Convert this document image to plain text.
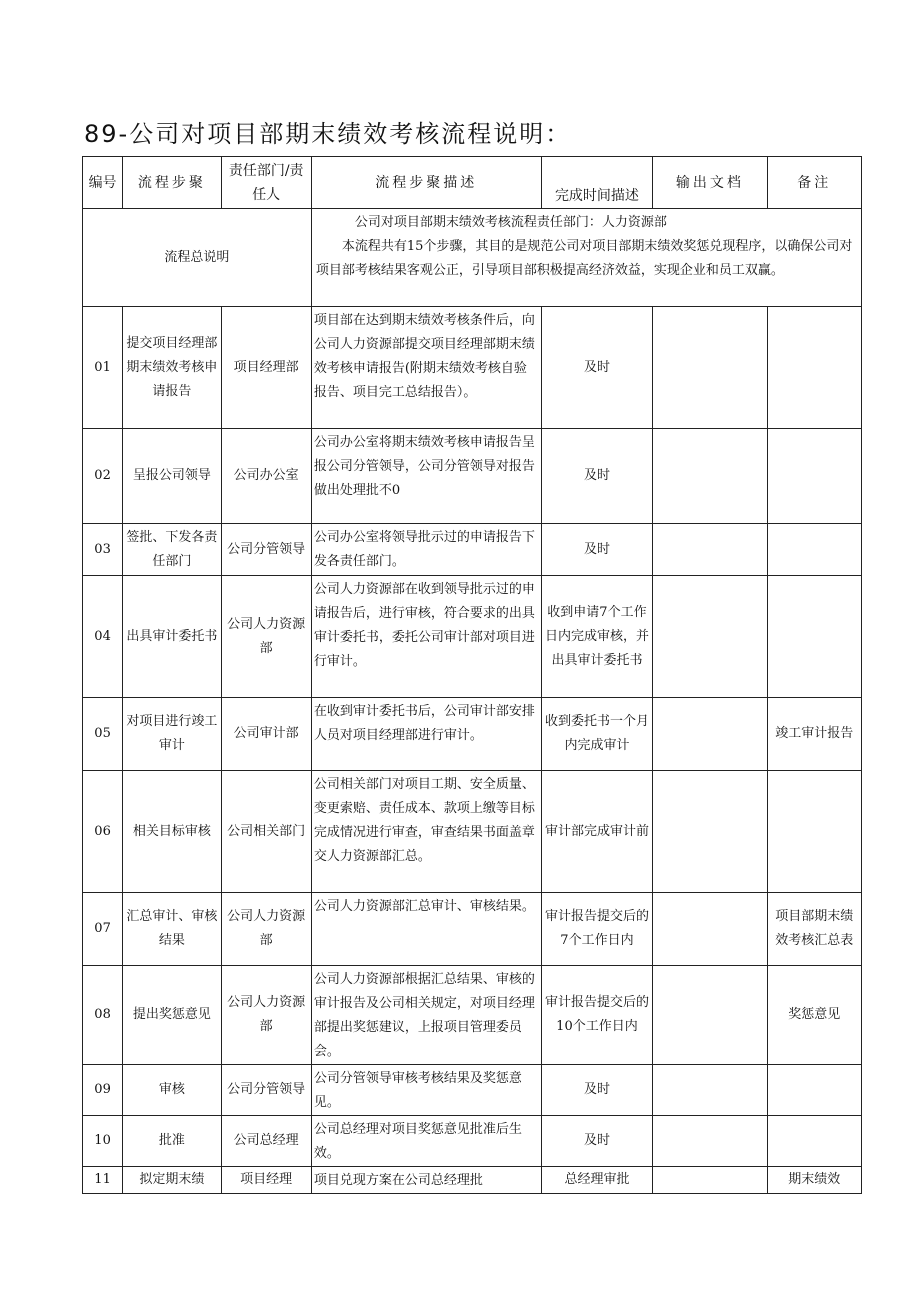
89-公司对项目部期末绩效考核流程说明：
编号	流程步聚	责任部门/责任人	流程步聚描述	完成时间描述	输出文档	备注
流程总说明			公司对项目部期末绩效考核流程责任部门：人力资源部
本流程共有15个步骤，其目的是规范公司对项目部期末绩效奖惩兑现程序，以确保公司对项目部考核结果客观公正，引导项目部积极提高经济效益，实现企业和员工双赢。			

01	提交项目经理部期末绩效考核申请报告	项目经理部	项目部在达到期末绩效考核条件后，向公司人力资源部提交项目经理部期末绩效考核申请报告(附期末绩效考核自验报告、项目完工总结报告）。	及时		
02	呈报公司领导	公司办公室	公司办公室将期末绩效考核申请报告呈报公司分管领导，公司分管领导对报告做出处理批不0	及时		
03	签批、下发各责任部门	公司分管领导	公司办公室将领导批示过的申请报告下发各责任部门。	及时		
04	出具审计委托书	公司人力资源部	公司人力资源部在收到领导批示过的申请报告后，进行审核，符合要求的出具审计委托书，委托公司审计部对项目进行审计。	收到申请7个工作日内完成审核，并出具审计委托书		
05	对项目进行竣工审计	公司审计部	在收到审计委托书后，公司审计部安排人员对项目经理部进行审计。	收到委托书一个月内完成审计		竣工审计报告
06	相关目标审核	公司相关部门	公司相关部门对项目工期、安全质量、变更索赔、责任成本、款项上缴等目标完成情况进行审查，审查结果书面盖章交人力资源部汇总。	审计部完成审计前		
07	汇总审计、审核结果	公司人力资源部	公司人力资源部汇总审计、审核结果。	审计报告提交后的7个工作日内		项目部期末绩效考核汇总表
08	提出奖惩意见	公司人力资源部	公司人力资源部根据汇总结果、审核的审计报告及公司相关规定，对项目经理部提出奖惩建议，上报项目管理委员会。	审计报告提交后的10个工作日内		奖惩意见
09	审核	公司分管领导	公司分管领导审核考核结果及奖惩意见。	及时		
10	批准	公司总经理	公司总经理对项目奖惩意见批准后生效。	及时		
11	拟定期末绩	项目经理	项目兑现方案在公司总经理批	总经理审批		期末绩效
